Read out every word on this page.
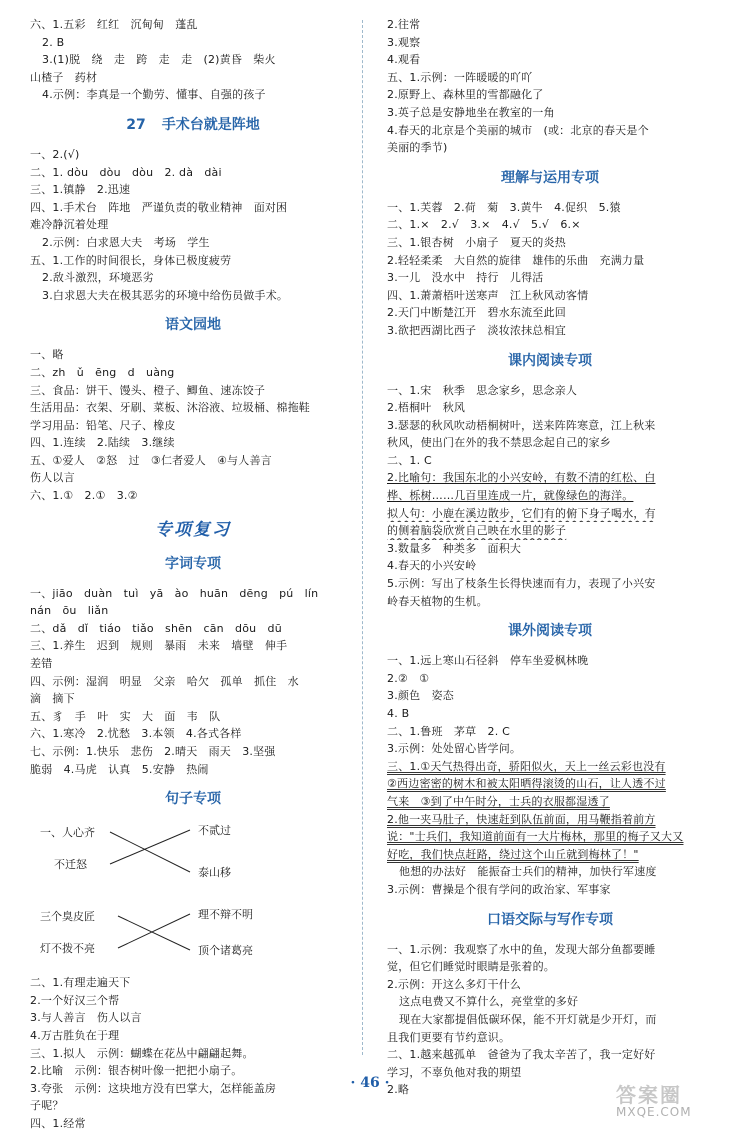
六、1.五彩　红红　沉甸甸　蓬乱
2. B
3.(1)脱　绕　走　跨　走　走　(2)黄昏　柴火
山楂子　药材
4.示例：李真是一个勤劳、懂事、自强的孩子
27 手术台就是阵地
一、2.(√)
二、1. dòu　dòu　dòu　2. dà　dài
三、1.镇静　2.迅速
四、1.手术台　阵地　严谨负责的敬业精神　面对困
难冷静沉着处理
2.示例：白求恩大夫　考场　学生
五、1.工作的时间很长，身体已极度疲劳
2.敌斗激烈，环境恶劣
3.白求恩大夫在极其恶劣的环境中给伤员做手术。
语文园地
一、略
二、zh　ǔ　ēng　d　uàng
三、食品：饼干、馒头、橙子、鲫鱼、速冻饺子
生活用品：衣架、牙刷、菜板、沐浴液、垃圾桶、棉拖鞋
学习用品：铅笔、尺子、橡皮
四、1.连续　2.陆续　3.继续
五、①爱人　②怒　过　③仁者爱人　④与人善言
伤人以言
六、1.①　2.①　3.②
专项复习
字词专项
一、jiāo　duàn　tuì　yā　ào　huān　dēng　pú　lín
nán　ōu　liǎn
二、dǎ　dǐ　tiáo　tiǎo　shēn　cān　dōu　dū
三、1.养生　迟到　规则　暴雨　未来　墙壁　伸手
差错
四、示例：湿润　明显　父亲　哈欠　孤单　抓住　水
滴　摘下
五、豸　手　叶　实　大　面　韦　队
六、1.寒冷　2.忧愁　3.本领　4.各式各样
七、示例：1.快乐　悲伤　2.晴天　雨天　3.坚强
脆弱　4.马虎　认真　5.安静　热闹
句子专项
一、人心齐
不迁怒
三个臭皮匠
灯不拨不亮
不贰过
泰山移
理不辩不明
顶个诸葛亮
二、1.有理走遍天下
2.一个好汉三个帮
3.与人善言　伤人以言
4.万古胜负在于理
三、1.拟人　示例：蝴蝶在花丛中翩翩起舞。
2.比喻　示例：银杏树叶像一把把小扇子。
3.夸张　示例：这块地方没有巴掌大，怎样能盖房
子呢？
四、1.经常
2.往常
3.观察
4.观看
五、1.示例：一阵暖暖的吖吖
2.原野上、森林里的雪都融化了
3.英子总是安静地坐在教室的一角
4.春天的北京是个美丽的城市　(或：北京的春天是个
美丽的季节)
理解与运用专项
一、1.芙蓉　2.荷　菊　3.黄牛　4.促织　5.猿
二、1.×　2.√　3.×　4.√　5.√　6.×
三、1.银杏树　小扇子　夏天的炎热
2.轻轻柔柔　大自然的旋律　雄伟的乐曲　充满力量
3.一儿　没水中　持行　儿得活
四、1.萧萧梧叶送寒声　江上秋风动客情
2.天门中断楚江开　碧水东流至此回
3.欲把西湖比西子　淡妆浓抹总相宜
课内阅读专项
一、1.宋　秋季　思念家乡，思念亲人
2.梧桐叶　秋风
3.瑟瑟的秋风吹动梧桐树叶，送来阵阵寒意，江上秋来
秋风，使出门在外的我不禁思念起自己的家乡
二、1. C
2.比喻句：我国东北的小兴安岭，有数不清的红松、白
桦、栎树……几百里连成一片，就像绿色的海洋。
拟人句：小鹿在溪边散步，它们有的俯下身子喝水，有
的侧着脑袋欣赏自己映在水里的影子
3.数量多　种类多　面积大
4.春天的小兴安岭
5.示例：写出了枝条生长得快速而有力，表现了小兴安
岭春天植物的生机。
课外阅读专项
一、1.远上寒山石径斜　停车坐爱枫林晚
2.②　①
3.颜色　姿态
4. B
二、1.鲁班　茅草　2. C
3.示例：处处留心皆学问。
三、1.①天气热得出奇，骄阳似火，天上一丝云彩也没有
②西边密密的树木和被太阳晒得滚烫的山石，让人透不过
气来　③到了中午时分，士兵的衣服都湿透了
2.他一夹马肚子，快速赶到队伍前面，用马鞭指着前方
说："士兵们，我知道前面有一大片梅林，那里的梅子又大又
好吃，我们快点赶路，绕过这个山丘就到梅林了！"
他想的办法好　能振奋士兵们的精神，加快行军速度
3.示例：曹操是个很有学问的政治家、军事家
口语交际与写作专项
一、1.示例：我观察了水中的鱼，发现大部分鱼都要睡
觉，但它们睡觉时眼睛是张着的。
2.示例：开这么多灯干什么
这点电费又不算什么，亮堂堂的多好
现在大家都提倡低碳环保，能不开灯就是少开灯，而
且我们更要有节约意识。
二、1.越来越孤单　爸爸为了我太辛苦了，我一定好好
学习，不辜负他对我的期望
2.略
· 46 ·	答案圈
MXQE.COM
